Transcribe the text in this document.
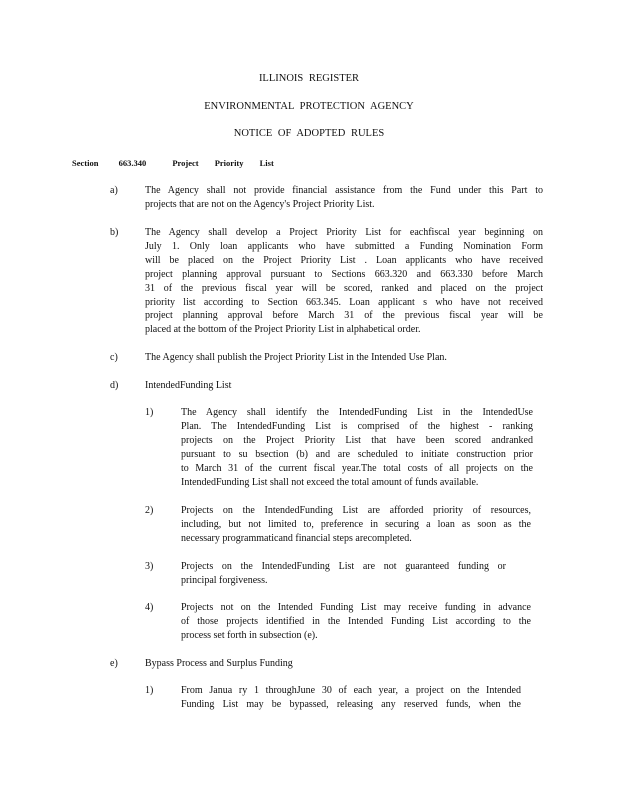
ILLINOIS REGISTER
ENVIRONMENTAL PROTECTION AGENCY
NOTICE OF ADOPTED RULES
Section 663.340	Project Priority List
a)	The Agency shall not provide financial assistance from the Fund under this Part to
projects that are not on the Agency's Project Priority List.
b)	The Agency shall develop a Project Priority List for eachfiscal year beginning on
July 1. Only loan applicants who have submitted a Funding Nomination Form
will be placed on the Project Priority List . Loan applicants who have received
project planning approval pursuant to Sections 663.320 and 663.330 before March
31 of the previous fiscal year will be scored, ranked and placed on the project
priority list according to Section 663.345. Loan applicant s who have not received
project planning approval before March 31 of the previous fiscal year will be
placed at the bottom of the Project Priority List in alphabetical order.
c)	The Agency shall publish the Project Priority List in the Intended Use Plan.
d)	IntendedFunding List
1)	The Agency shall identify the IntendedFunding List in the IntendedUse
Plan. The IntendedFunding List is comprised of the highest - ranking
projects on the Project Priority List that have been scored andranked
pursuant to su bsection (b) and are scheduled to initiate construction prior
to March 31 of the current fiscal year.The total costs of all projects on the
IntendedFunding List shall not exceed the total amount of funds available.
2)	Projects on the IntendedFunding List are afforded priority of resources,
including, but not limited to, preference in securing a loan as soon as the
necessary programmaticand financial steps arecompleted.
3)	Projects on the IntendedFunding List are not guaranteed funding or
principal forgiveness.
4)	Projects not on the Intended Funding List may receive funding in advance
of those projects identified in the Intended Funding List according to the
process set forth in subsection (e).
e)	Bypass Process and Surplus Funding
1)	From Janua ry 1 throughJune 30 of each year, a project on the Intended
Funding List may be bypassed, releasing any reserved funds, when the
